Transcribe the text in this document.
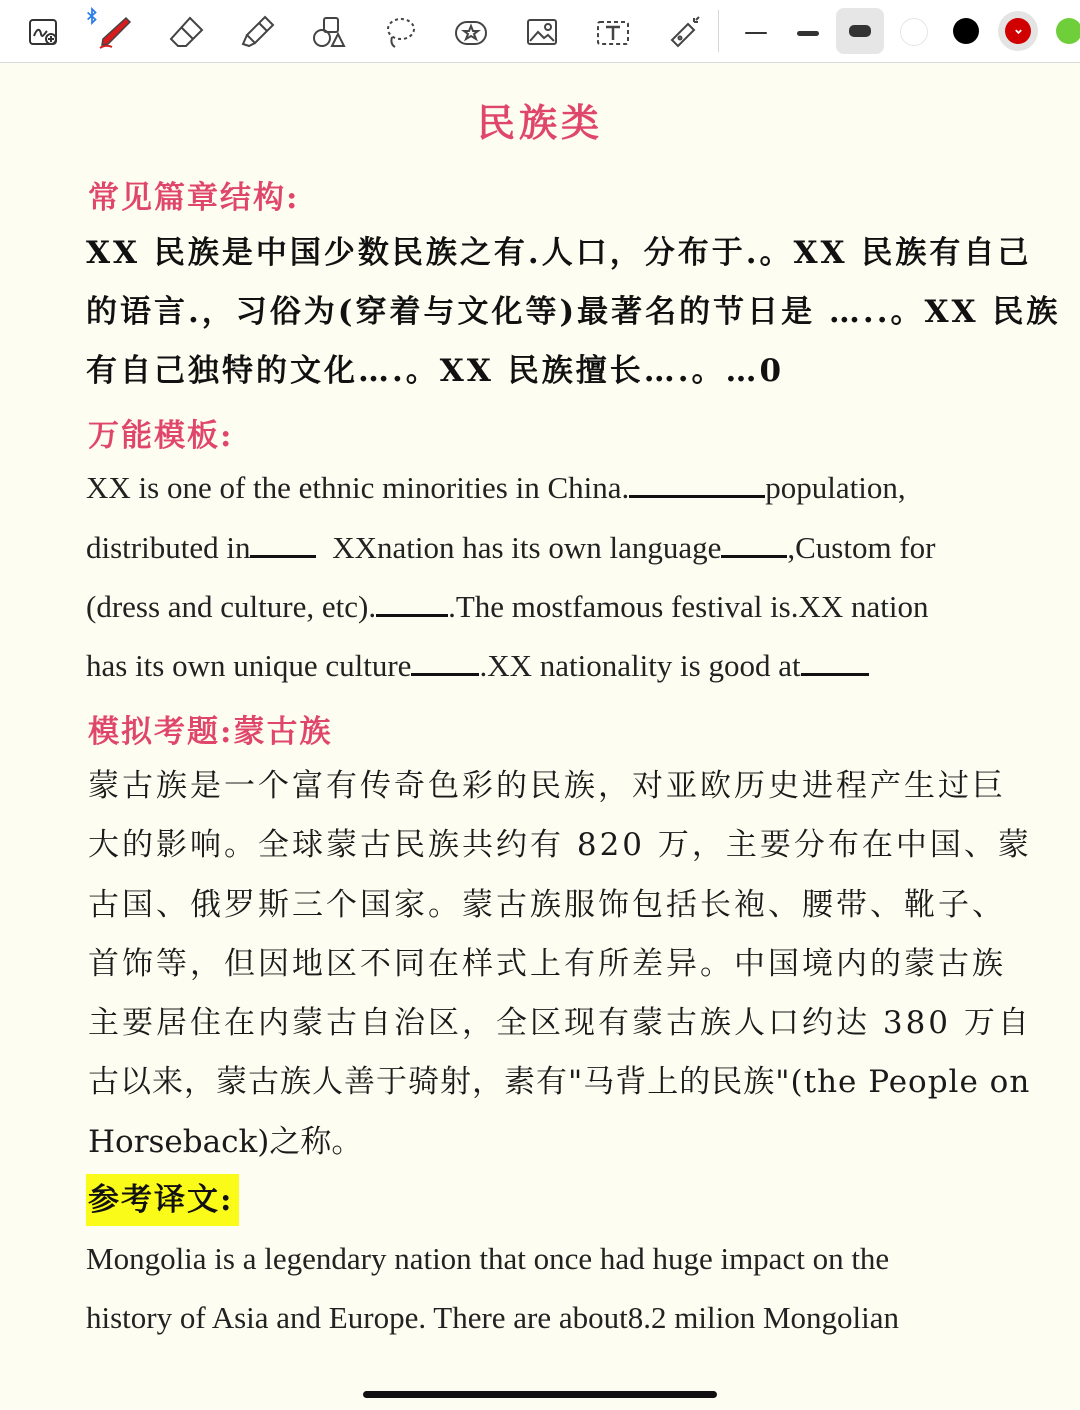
民族类
常见篇章结构:
XX 民族是中国少数民族之有.人口，分布于.。XX 民族有自己
的语言.，习俗为(穿着与文化等)最著名的节日是 …..。XX 民族
有自己独特的文化….。XX 民族擅长….。…0
万能模板:
XX is one of the ethnic minorities in China.	population,
distributed in XXnation has its own language ,Custom for
(dress and culture, etc). .The mostfamous festival is.XX nation
has its own unique culture .XX nationality is good at
模拟考题:蒙古族
蒙古族是一个富有传奇色彩的民族，对亚欧历史进程产生过巨
大的影响。全球蒙古民族共约有 820 万，主要分布在中国、蒙
古国、俄罗斯三个国家。蒙古族服饰包括长袍、腰带、靴子、
首饰等，但因地区不同在样式上有所差异。中国境内的蒙古族
主要居住在内蒙古自治区，全区现有蒙古族人口约达 380 万自
古以来，蒙古族人善于骑射，素有"马背上的民族"(the People on
Horseback)之称。
参考译文:
Mongolia is a legendary nation that once had huge impact on the
history of Asia and Europe. There are about8.2 milion Mongolian
